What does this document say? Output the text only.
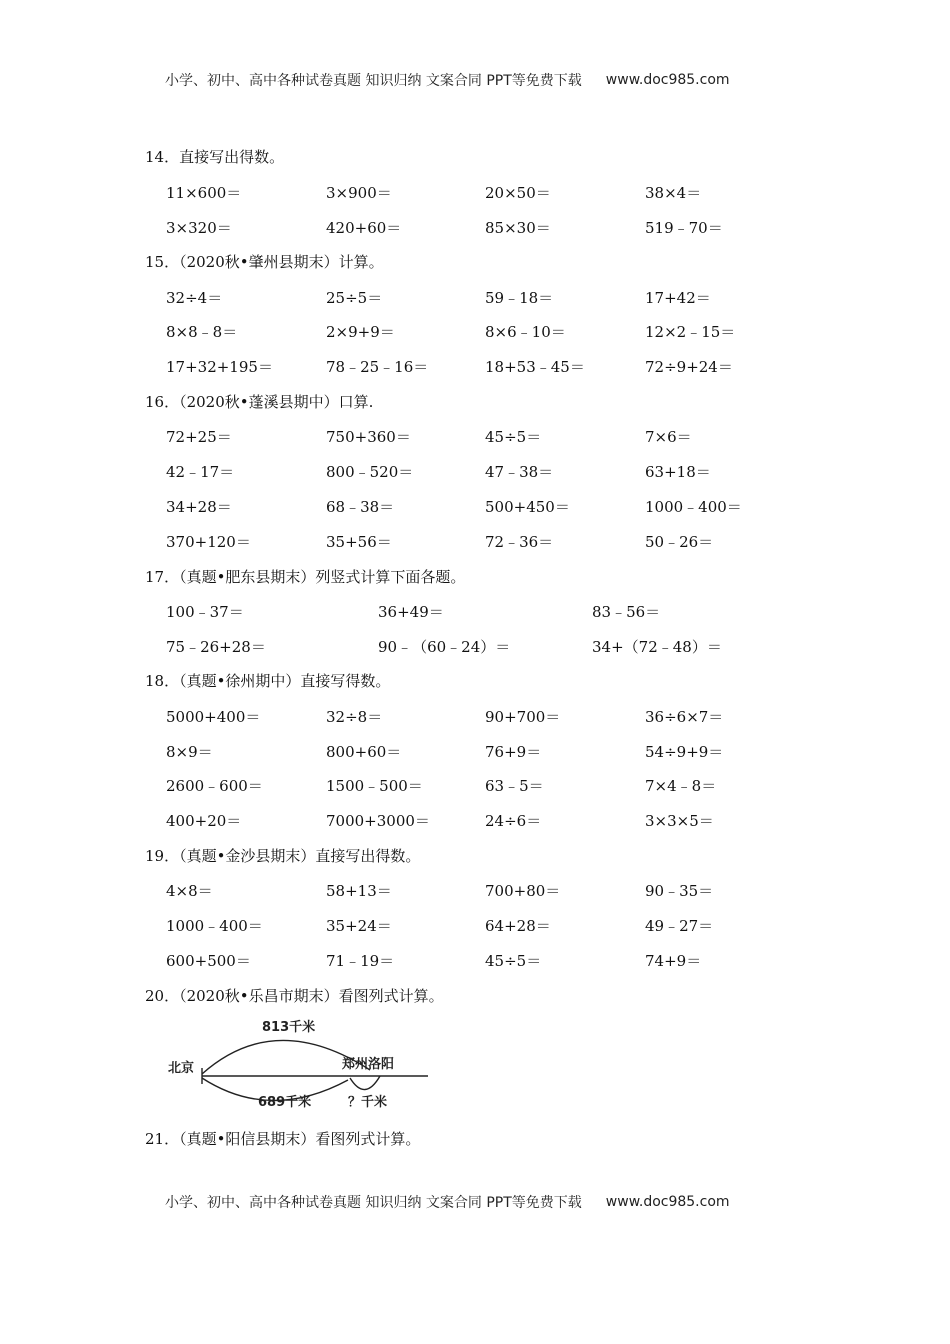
小学、初中、高中各种试卷真题 知识归纳 文案合同 PPT等免费下载 www.doc985.com
14．直接写出得数。
11×600＝	3×900＝	20×50＝	38×4＝
3×320＝	420+60＝	85×30＝	519﹣70＝
15．（2020秋•肇州县期末）计算。
32÷4＝	25÷5＝	59﹣18＝	17+42＝
8×8﹣8＝	2×9+9＝	8×6﹣10＝	12×2﹣15＝
17+32+195＝	78﹣25﹣16＝	18+53﹣45＝	72÷9+24＝
16．（2020秋•蓬溪县期中）口算.
72+25＝	750+360＝	45÷5＝	7×6＝
42﹣17＝	800﹣520＝	47﹣38＝	63+18＝
34+28＝	68﹣38＝	500+450＝	1000﹣400＝
370+120＝	35+56＝	72﹣36＝	50﹣26＝
17．（真题•肥东县期末）列竖式计算下面各题。
100﹣37＝	36+49＝	83﹣56＝
75﹣26+28＝	90﹣（60﹣24）＝	34+（72﹣48）＝
18．（真题•徐州期中）直接写得数。
5000+400＝	32÷8＝	90+700＝	36÷6×7＝
8×9＝	800+60＝	76+9＝	54÷9+9＝
2600﹣600＝	1500﹣500＝	63﹣5＝	7×4﹣8＝
400+20＝	7000+3000＝	24÷6＝	3×3×5＝
19．（真题•金沙县期末）直接写出得数。
4×8＝	58+13＝	700+80＝	90﹣35＝
1000﹣400＝	35+24＝	64+28＝	49﹣27＝
600+500＝	71﹣19＝	45÷5＝	74+9＝
20．（2020秋•乐昌市期末）看图列式计算。
813千米
北京	郑州洛阳
689千米	？千米
21．（真题•阳信县期末）看图列式计算。
小学、初中、高中各种试卷真题 知识归纳 文案合同 PPT等免费下载 www.doc985.com
